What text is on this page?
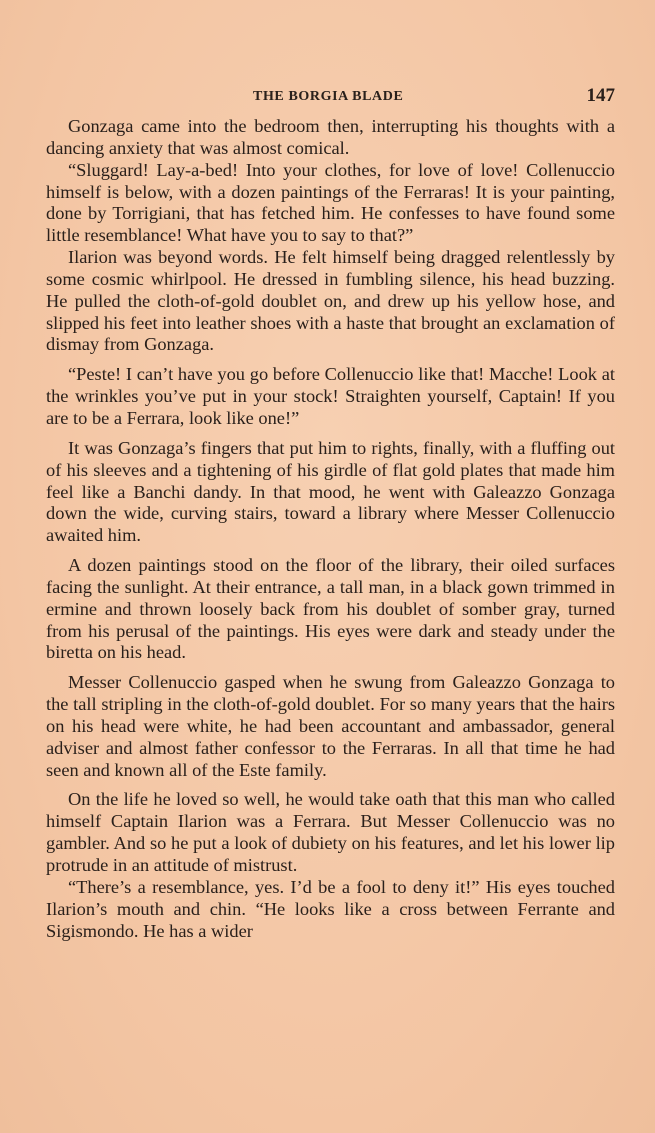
THE BORGIA BLADE	147

Gonzaga came into the bedroom then, interrupting his thoughts with a dancing anxiety that was almost comical.

“Sluggard! Lay-a-bed! Into your clothes, for love of love! Collenuccio himself is below, with a dozen paintings of the Ferraras! It is your painting, done by Torrigiani, that has fetched him. He confesses to have found some little resemblance! What have you to say to that?”

Ilarion was beyond words. He felt himself being dragged relentlessly by some cosmic whirlpool. He dressed in fumbling silence, his head buzzing. He pulled the cloth-of-gold doublet on, and drew up his yellow hose, and slipped his feet into leather shoes with a haste that brought an exclamation of dismay from Gonzaga.

“Peste! I can’t have you go before Collenuccio like that! Macche! Look at the wrinkles you’ve put in your stock! Straighten yourself, Captain! If you are to be a Ferrara, look like one!”

It was Gonzaga’s fingers that put him to rights, finally, with a fluffing out of his sleeves and a tightening of his girdle of flat gold plates that made him feel like a Banchi dandy. In that mood, he went with Galeazzo Gonzaga down the wide, curving stairs, toward a library where Messer Collenuccio awaited him.

A dozen paintings stood on the floor of the library, their oiled surfaces facing the sunlight. At their entrance, a tall man, in a black gown trimmed in ermine and thrown loosely back from his doublet of somber gray, turned from his perusal of the paintings. His eyes were dark and steady under the biretta on his head.

Messer Collenuccio gasped when he swung from Galeazzo Gonzaga to the tall stripling in the cloth-of-gold doublet. For so many years that the hairs on his head were white, he had been accountant and ambassador, general adviser and almost father confessor to the Ferraras. In all that time he had seen and known all of the Este family.

On the life he loved so well, he would take oath that this man who called himself Captain Ilarion was a Ferrara. But Messer Collenuccio was no gambler. And so he put a look of dubiety on his features, and let his lower lip protrude in an attitude of mistrust.

“There’s a resemblance, yes. I’d be a fool to deny it!” His eyes touched Ilarion’s mouth and chin. “He looks like a cross between Ferrante and Sigismondo. He has a wider
